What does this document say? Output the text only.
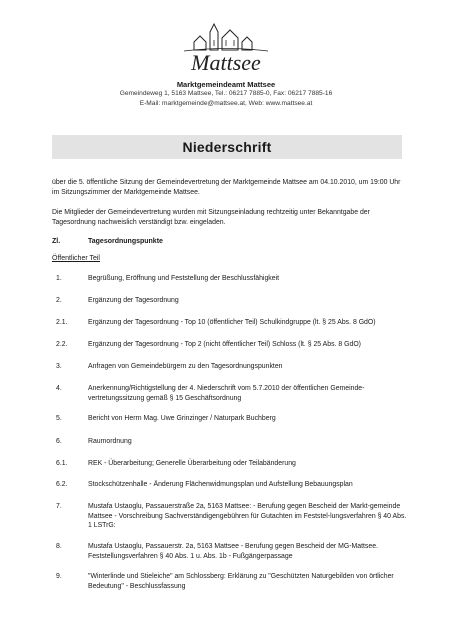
Mattsee
Marktgemeindeamt Mattsee
Gemeindeweg 1, 5163 Mattsee, Tel.: 06217 7885-0, Fax: 06217 7885-16
E-Mail: marktgemeinde@mattsee.at, Web: www.mattsee.at
Niederschrift
über die 5. öffentliche Sitzung der Gemeindevertretung der Marktgemeinde Mattsee am 04.10.2010, um 19:00 Uhr im Sitzungszimmer der Marktgemeinde Mattsee.
Die Mitglieder der Gemeindevertretung wurden mit Sitzungseinladung rechtzeitig unter Bekanntgabe der Tagesordnung nachweislich verständigt bzw. eingeladen.
Zl.	Tagesordnungspunkte
Öffentlicher Teil
1.	Begrüßung, Eröffnung und Feststellung der Beschlussfähigkeit
2.	Ergänzung der Tagesordnung
2.1.	Ergänzung der Tagesordnung - Top 10 (öffentlicher Teil) Schulkindgruppe (lt. § 25 Abs. 8 GdO)
2.2.	Ergänzung der Tagesordnung - Top 2 (nicht öffentlicher Teil) Schloss (lt. § 25 Abs. 8 GdO)
3.	Anfragen von Gemeindebürgern zu den Tagesordnungspunkten
4.	Anerkennung/Richtigstellung der 4. Niederschrift vom 5.7.2010 der öffentlichen Gemeinde-vertretungssitzung gemäß § 15 Geschäftsordnung
5.	Bericht von Herrn Mag. Uwe Grinzinger / Naturpark Buchberg
6.	Raumordnung
6.1.	REK - Überarbeitung; Generelle Überarbeitung oder Teilabänderung
6.2.	Stockschützenhalle - Änderung Flächenwidmungsplan und Aufstellung Bebauungsplan
7.	Mustafa Ustaoglu, Passauerstraße 2a, 5163 Mattsee: - Berufung gegen Bescheid der Markt-gemeinde Mattsee - Vorschreibung Sachverständigengebühren für Gutachten im Feststel-lungsverfahren § 40 Abs. 1 LSTrG:
8.	Mustafa Ustaoglu, Passauerstr. 2a, 5163 Mattsee - Berufung gegen Bescheid der MG-Mattsee. Feststellungsverfahren § 40 Abs. 1 u. Abs. 1b - Fußgängerpassage
9.	"Winterlinde und Stieleiche" am Schlossberg: Erklärung zu "Geschützten Naturgebilden von örtlicher Bedeutung" - Beschlussfassung
